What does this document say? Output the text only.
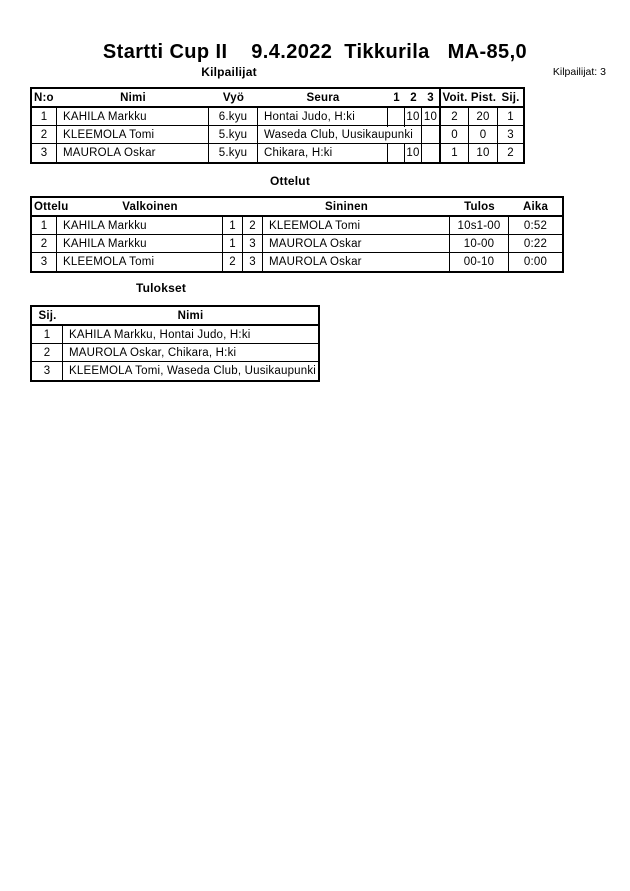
Startti Cup II    9.4.2022  Tikkurila   MA-85,0
Kilpailijat	Kilpailijat: 3
N:o	Nimi	Vyö	Seura	1	2	3	Voit.	Pist.	Sij.
1	KAHILA Markku	6.kyu	Hontai Judo, H:ki		10	10	2	20	1
2	KLEEMOLA Tomi	5.kyu	Waseda Club, Uusikaupunki				0	0	3
3	MAUROLA Oskar	5.kyu	Chikara, H:ki		10		1	10	2
Ottelut
Ottelu	Valkoinen		Sininen		Tulos	Aika
1	KAHILA Markku	1	2	KLEEMOLA Tomi	10s1-00	0:52
2	KAHILA Markku	1	3	MAUROLA Oskar	10-00	0:22
3	KLEEMOLA Tomi	2	3	MAUROLA Oskar	00-10	0:00
Tulokset
Sij.	Nimi
1	KAHILA Markku, Hontai Judo, H:ki
2	MAUROLA Oskar, Chikara, H:ki
3	KLEEMOLA Tomi, Waseda Club, Uusikaupunki
